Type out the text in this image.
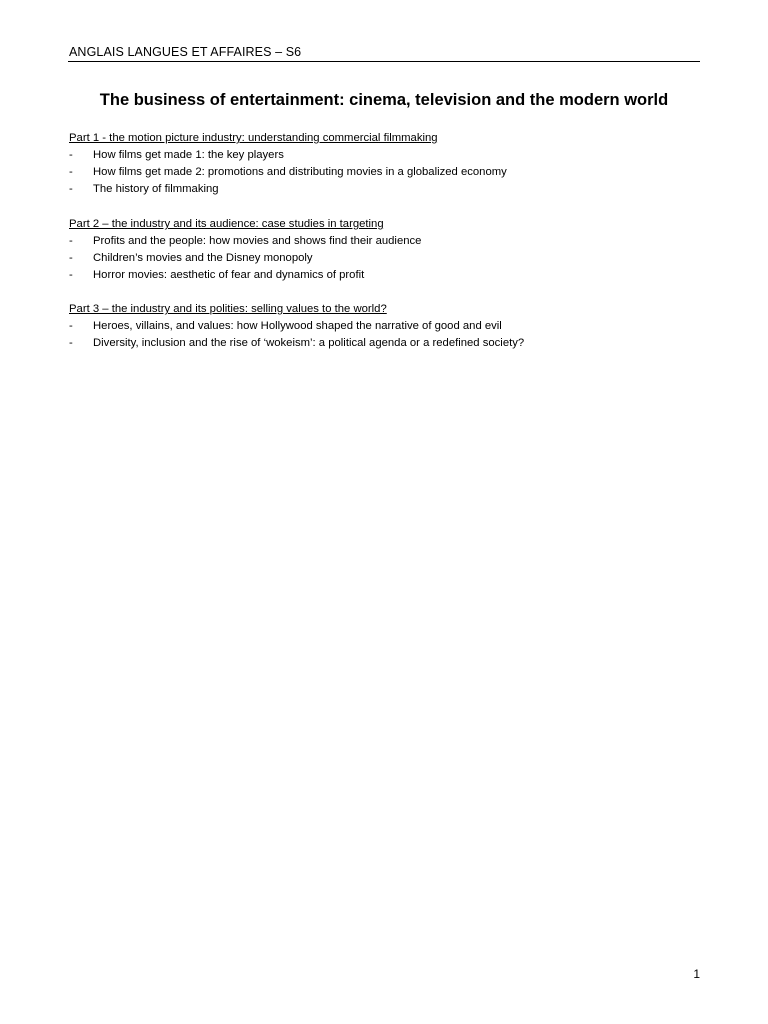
ANGLAIS LANGUES ET AFFAIRES – S6
The business of entertainment: cinema, television and the modern world
Part 1 - the motion picture industry: understanding commercial filmmaking
-	How films get made 1: the key players
-	How films get made 2: promotions and distributing movies in a globalized economy
-	The history of filmmaking
Part 2 – the industry and its audience: case studies in targeting
-	Profits and the people: how movies and shows find their audience
-	Children’s movies and the Disney monopoly
-	Horror movies: aesthetic of fear and dynamics of profit
Part 3 – the industry and its polities: selling values to the world?
-	Heroes, villains, and values: how Hollywood shaped the narrative of good and evil
-	Diversity, inclusion and the rise of ‘wokeism’: a political agenda or a redefined society?
1
